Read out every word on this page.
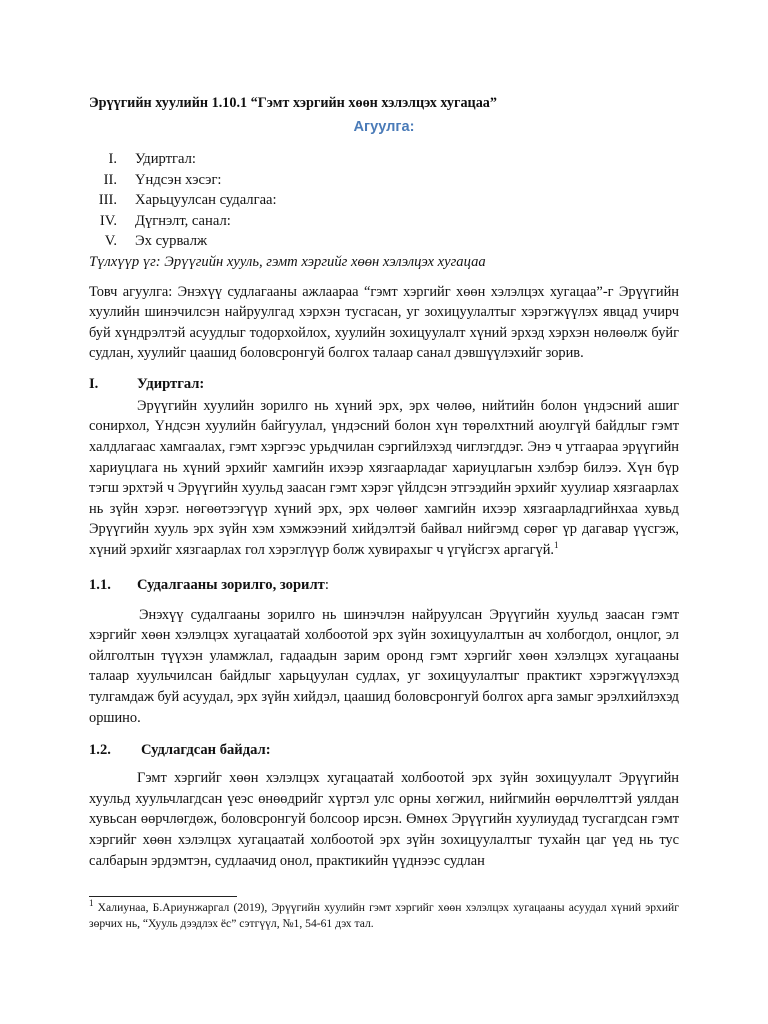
Эрүүгийн хуулийн 1.10.1 “Гэмт хэргийн хөөн хэлэлцэх хугацаа”

Агуулга:
I. Удиртгал:
II. Үндсэн хэсэг:
III. Харьцуулсан судалгаа:
IV. Дүгнэлт, санал:
V. Эх сурвалж

Түлхүүр үг: Эрүүгийн хууль, гэмт хэргийг хөөн хэлэлцэх хугацаа

Товч агуулга: Энэхүү судлагааны ажлаараа “гэмт хэргийг хөөн хэлэлцэх хугацаа”-г Эрүүгийн хуулийн шинэчилсэн найруулгад хэрхэн тусгасан, уг зохицуулалтыг хэрэгжүүлэх явцад учирч буй хүндрэлтэй асуудлыг тодорхойлох, хуулийн зохицуулалт хүний эрхэд хэрхэн нөлөөлж буйг судлан, хуулийг цаашид боловсронгуй болгох талаар санал дэвшүүлэхийг зорив.

I.	Удиртгал:

Эрүүгийн хуулийн зорилго нь хүний эрх, эрх чөлөө, нийтийн болон үндэсний ашиг сонирхол, Үндсэн хуулийн байгуулал, үндэсний болон хүн төрөлхтний аюулгүй байдлыг гэмт халдлагаас хамгаалах, гэмт хэргээс урьдчилан сэргийлэхэд чиглэгддэг. Энэ ч утгаараа эрүүгийн хариуцлага нь хүний эрхийг хамгийн ихээр хязгаарладаг хариуцлагын хэлбэр билээ. Хүн бүр тэгш эрхтэй ч Эрүүгийн хуульд заасан гэмт хэрэг үйлдсэн этгээдийн эрхийг хуулиар хязгаарлах нь зүйн хэрэг. нөгөөтээгүүр хүний эрх, эрх чөлөөг хамгийн ихээр хязгаарладгийнхаа хувьд Эрүүгийн хууль эрх зүйн хэм хэмжээний хийдэлтэй байвал нийгэмд сөрөг үр дагавар үүсгэж, хүний эрхийг хязгаарлах гол хэрэглүүр болж хувирахыг ч үгүйсгэх аргагүй.$^1$

1.1.	Судалгааны зорилго, зорилт:

Энэхүү судалгааны зорилго нь шинэчлэн найруулсан Эрүүгийн хуульд заасан гэмт хэргийг хөөн хэлэлцэх хугацаатай холбоотой эрх зүйн зохицуулалтын ач холбогдол, онцлог, эл ойлголтын түүхэн уламжлал, гадаадын зарим оронд гэмт хэргийг хөөн хэлэлцэх хугацааны талаар хуульчилсан байдлыг харьцуулан судлах, уг зохицуулалтыг практикт хэрэгжүүлэхэд тулгамдаж буй асуудал, эрх зүйн хийдэл, цаашид боловсронгуй болгох арга замыг эрэлхийлэхэд оршино.

1.2.	Судлагдсан байдал:

Гэмт хэргийг хөөн хэлэлцэх хугацаатай холбоотой эрх зүйн зохицуулалт Эрүүгийн хуульд хуульчлагдсан үеэс өнөөдрийг хүртэл улс орны хөгжил, нийгмийн өөрчлөлттэй уялдан хувьсан өөрчлөгдөж, боловсронгуй болсоор ирсэн. Өмнөх Эрүүгийн хуулиудад тусгагдсан гэмт хэргийг хөөн хэлэлцэх хугацаатай холбоотой эрх зүйн зохицуулалтыг тухайн цаг үед нь тус салбарын эрдэмтэн, судлаачид онол, практикийн үүднээс судлан

$^1$ Халиунаа, Б.Ариунжаргал (2019), Эрүүгийн хуулийн гэмт хэргийг хөөн хэлэлцэх хугацааны асуудал хүний эрхийг зөрчих нь, “Хууль дээдлэх ёс” сэтгүүл, №1, 54-61 дэх тал.
